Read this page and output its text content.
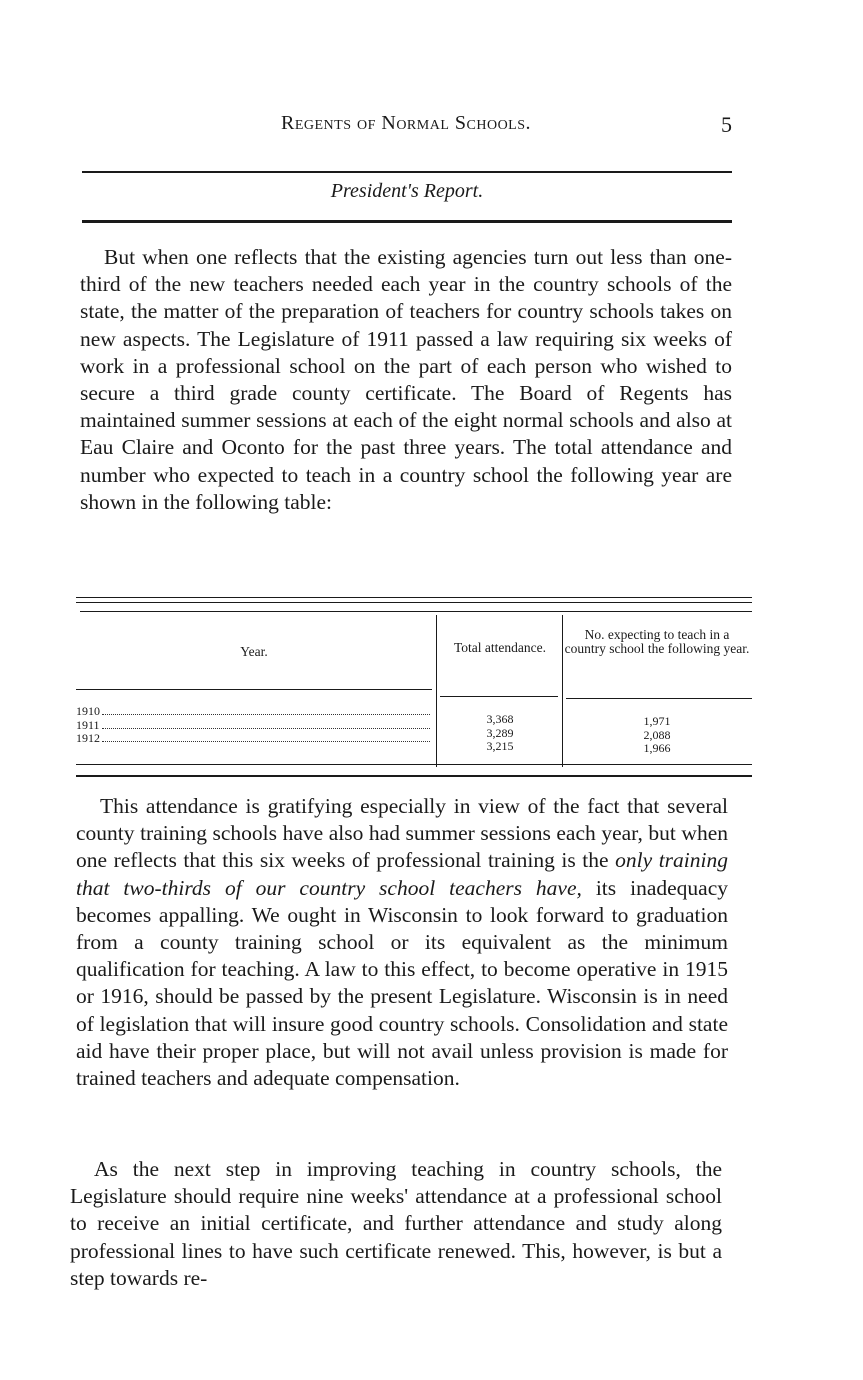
Regents of Normal Schools.	5
President's Report.

But when one reflects that the existing agencies turn out less than one-third of the new teachers needed each year in the country schools of the state, the matter of the preparation of teachers for country schools takes on new aspects. The Legislature of 1911 passed a law requiring six weeks of work in a professional school on the part of each person who wished to secure a third grade county certificate. The Board of Regents has maintained summer sessions at each of the eight normal schools and also at Eau Claire and Oconto for the past three years. The total attendance and number who expected to teach in a country school the following year are shown in the following table:

Year.	Total attendance.
No. expecting to teach in a country school the following year.
1910
1911
1912
3,368
3,289
3,215
1,971
2,088
1,966

This attendance is gratifying especially in view of the fact that several county training schools have also had summer sessions each year, but when one reflects that this six weeks of professional training is the only training that two-thirds of our country school teachers have, its inadequacy becomes appalling. We ought in Wisconsin to look forward to graduation from a county training school or its equivalent as the minimum qualification for teaching. A law to this effect, to become operative in 1915 or 1916, should be passed by the present Legislature. Wisconsin is in need of legislation that will insure good country schools. Consolidation and state aid have their proper place, but will not avail unless provision is made for trained teachers and adequate compensation.

As the next step in improving teaching in country schools, the Legislature should require nine weeks' attendance at a professional school to receive an initial certificate, and further attendance and study along professional lines to have such certificate renewed. This, however, is but a step towards re-
